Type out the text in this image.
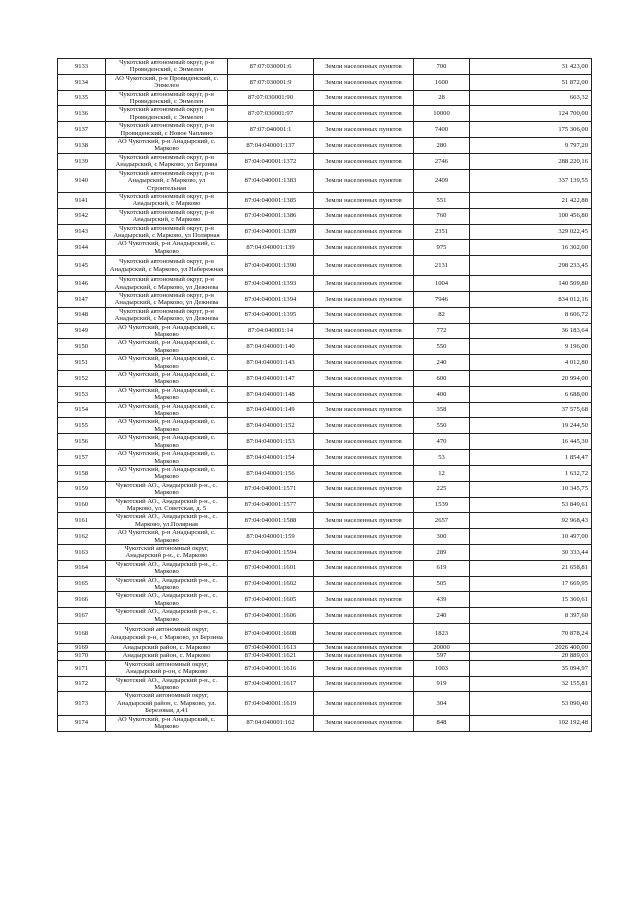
9133	Чукотский автономный округ, р-н Провиденский, с Энмелен	87:07:030001:6	Земли населенных пунктов	700	31 423,00
9134	АО Чукотский, р-н Провиденский, с. Энмелен	87:07:030001:9	Земли населенных пунктов	1600	51 872,00
9135	Чукотский автономный округ, р-н Провиденский, с Энмелен	87:07:030001:90	Земли населенных пунктов	28	663,32
9136	Чукотский автономный округ, р-н Провиденский, с Энмелен	87:07:030001:97	Земли населенных пунктов	10000	124 700,00
9137	Чукотский автономный округ, р-н Провиденский, с Новое Чаплино	87:07:040001:1	Земли населенных пунктов	7400	175 306,00
9138	АО Чукотский, р-н Анадырский, с. Марково	87:04:040001:137	Земли населенных пунктов	280	9 797,20
9139	Чукотский автономный округ, р-н Анадырский, с Марково, ул Берзина	87:04:040001:1372	Земли населенных пунктов	2746	288 220,16
9140	Чукотский автономный округ, р-н Анадырский, с Марково, ул Строительная	87:04:040001:1383	Земли населенных пунктов	2409	337 139,55
9141	Чукотский автономный округ, р-н Анадырский, с Марково	87:04:040001:1385	Земли населенных пунктов	551	21 422,88
9142	Чукотский автономный округ, р-н Анадырский, с Марково	87:04:040001:1386	Земли населенных пунктов	760	100 456,80
9143	Чукотский автономный округ, р-н Анадырский, с Марково, ул Полярная	87:04:040001:1389	Земли населенных пунктов	2351	329 022,45
9144	АО Чукотский, р-н Анадырский, с. Марково	87:04:040001:139	Земли населенных пунктов	975	16 302,00
9145	Чукотский автономный округ, р-н Анадырский, с Марково, ул Набережная	87:04:040001:1390	Земли населенных пунктов	2131	298 233,45
9146	Чукотский автономный округ, р-н Анадырский, с Марково, ул Дежнева	87:04:040001:1393	Земли населенных пунктов	1004	140 509,80
9147	Чукотский автономный округ, р-н Анадырский, с Марково, ул Дежнева	87:04:040001:1394	Земли населенных пунктов	7946	834 012,16
9148	Чукотский автономный округ, р-н Анадырский, с Марково, ул Дежнева	87:04:040001:1395	Земли населенных пунктов	82	8 606,72
9149	АО Чукотский, р-н Анадырский, с. Марково	87:04:040001:14	Земли населенных пунктов	772	36 183,64
9150	АО Чукотский, р-н Анадырский, с. Марково	87:04:040001:140	Земли населенных пунктов	550	9 196,00
9151	АО Чукотский, р-н Анадырский, с. Марково	87:04:040001:143	Земли населенных пунктов	240	4 012,80
9152	АО Чукотский, р-н Анадырский, с. Марково	87:04:040001:147	Земли населенных пунктов	600	20 994,00
9153	АО Чукотский, р-н Анадырский, с. Марково	87:04:040001:148	Земли населенных пунктов	400	6 688,00
9154	АО Чукотский, р-н Анадырский, с. Марково	87:04:040001:149	Земли населенных пунктов	358	37 575,68
9155	АО Чукотский, р-н Анадырский, с. Марково	87:04:040001:152	Земли населенных пунктов	550	19 244,50
9156	АО Чукотский, р-н Анадырский, с. Марково	87:04:040001:153	Земли населенных пунктов	470	16 445,30
9157	АО Чукотский, р-н Анадырский, с. Марково	87:04:040001:154	Земли населенных пунктов	53	1 854,47
9158	АО Чукотский, р-н Анадырский, с. Марково	87:04:040001:156	Земли населенных пунктов	12	1 632,72
9159	Чукотский АО., Анадырский р-н., с. Марково	87:04:040001:1571	Земли населенных пунктов	225	10 345,75
9160	Чукотский АО., Анадырский р-н., с. Марково, ул. Советская, д. 5	87:04:040001:1577	Земли населенных пунктов	1539	53 849,61
9161	Чукотский АО., Анадырский р-н., с. Марково, ул.Полярная	87:04:040001:1588	Земли населенных пунктов	2657	92 968,43
9162	АО Чукотский, р-н Анадырский, с. Марково	87:04:040001:159	Земли населенных пунктов	300	10 497,00
9163	Чукотский автономный округ, Анадырский р-н., с. Марково	87:04:040001:1594	Земли населенных пунктов	289	30 333,44
9164	Чукотский АО., Анадырский р-н., с. Марково	87:04:040001:1601	Земли населенных пунктов	619	21 658,81
9165	Чукотский АО., Анадырский р-н., с. Марково	87:04:040001:1602	Земли населенных пунктов	505	17 669,95
9166	Чукотский АО., Анадырский р-н., с. Марково	87:04:040001:1605	Земли населенных пунктов	439	15 360,61
9167	Чукотский АО., Анадырский р-н., с. Марково	87:04:040001:1606	Земли населенных пунктов	240	8 397,60
9168	Чукотский автономный округ, Анадырский р-н, с Марково, ул Берзина	87:04:040001:1608	Земли населенных пунктов	1823	70 878,24
9169	Анадырский район, с. Марково	87:04:040001:1613	Земли населенных пунктов	20000	2026 400,00
9170	Анадырский район, с. Марково	87:04:040001:1621	Земли населенных пунктов	597	20 889,03
9171	Чукотский автономный округ, Анадырский р-он, с Марково	87:04:040001:1616	Земли населенных пунктов	1003	35 094,97
9172	Чукотский АО., Анадырский р-н., с. Марково	87:04:040001:1617	Земли населенных пунктов	919	32 155,81
9173	Чукотский автономный округ, Анадырский район, с. Марково, ул. Березовая, д.41	87:04:040001:1619	Земли населенных пунктов	304	53 090,40
9174	АО Чукотский, р-н Анадырский, с. Марково	87:04:040001:162	Земли населенных пунктов	848	102 192,48
